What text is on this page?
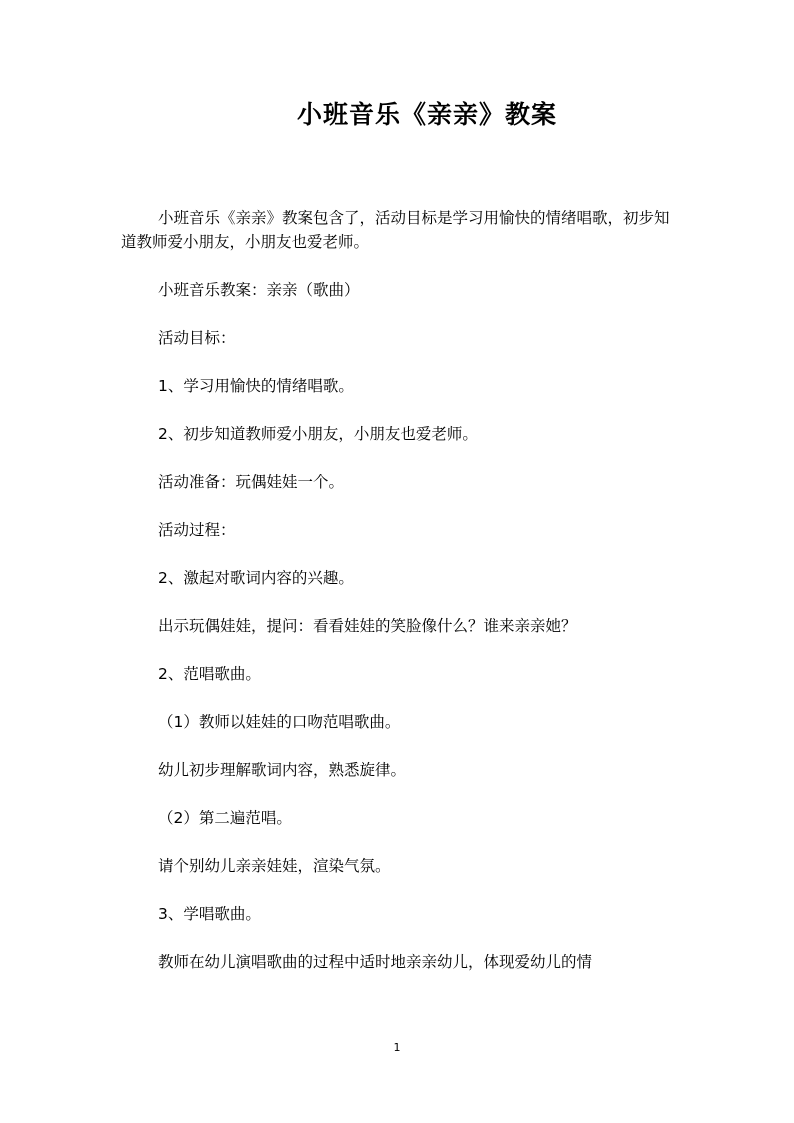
小班音乐《亲亲》教案

小班音乐《亲亲》教案包含了，活动目标是学习用愉快的情绪唱歌，初步知道教师爱小朋友，小朋友也爱老师。

小班音乐教案：亲亲（歌曲）

活动目标：

1、学习用愉快的情绪唱歌。

2、初步知道教师爱小朋友，小朋友也爱老师。

活动准备：玩偶娃娃一个。

活动过程：

2、激起对歌词内容的兴趣。

出示玩偶娃娃，提问：看看娃娃的笑脸像什么？谁来亲亲她？

2、范唱歌曲。

（1）教师以娃娃的口吻范唱歌曲。

幼儿初步理解歌词内容，熟悉旋律。

（2）第二遍范唱。

请个别幼儿亲亲娃娃，渲染气氛。

3、学唱歌曲。

教师在幼儿演唱歌曲的过程中适时地亲亲幼儿，体现爱幼儿的情

1
